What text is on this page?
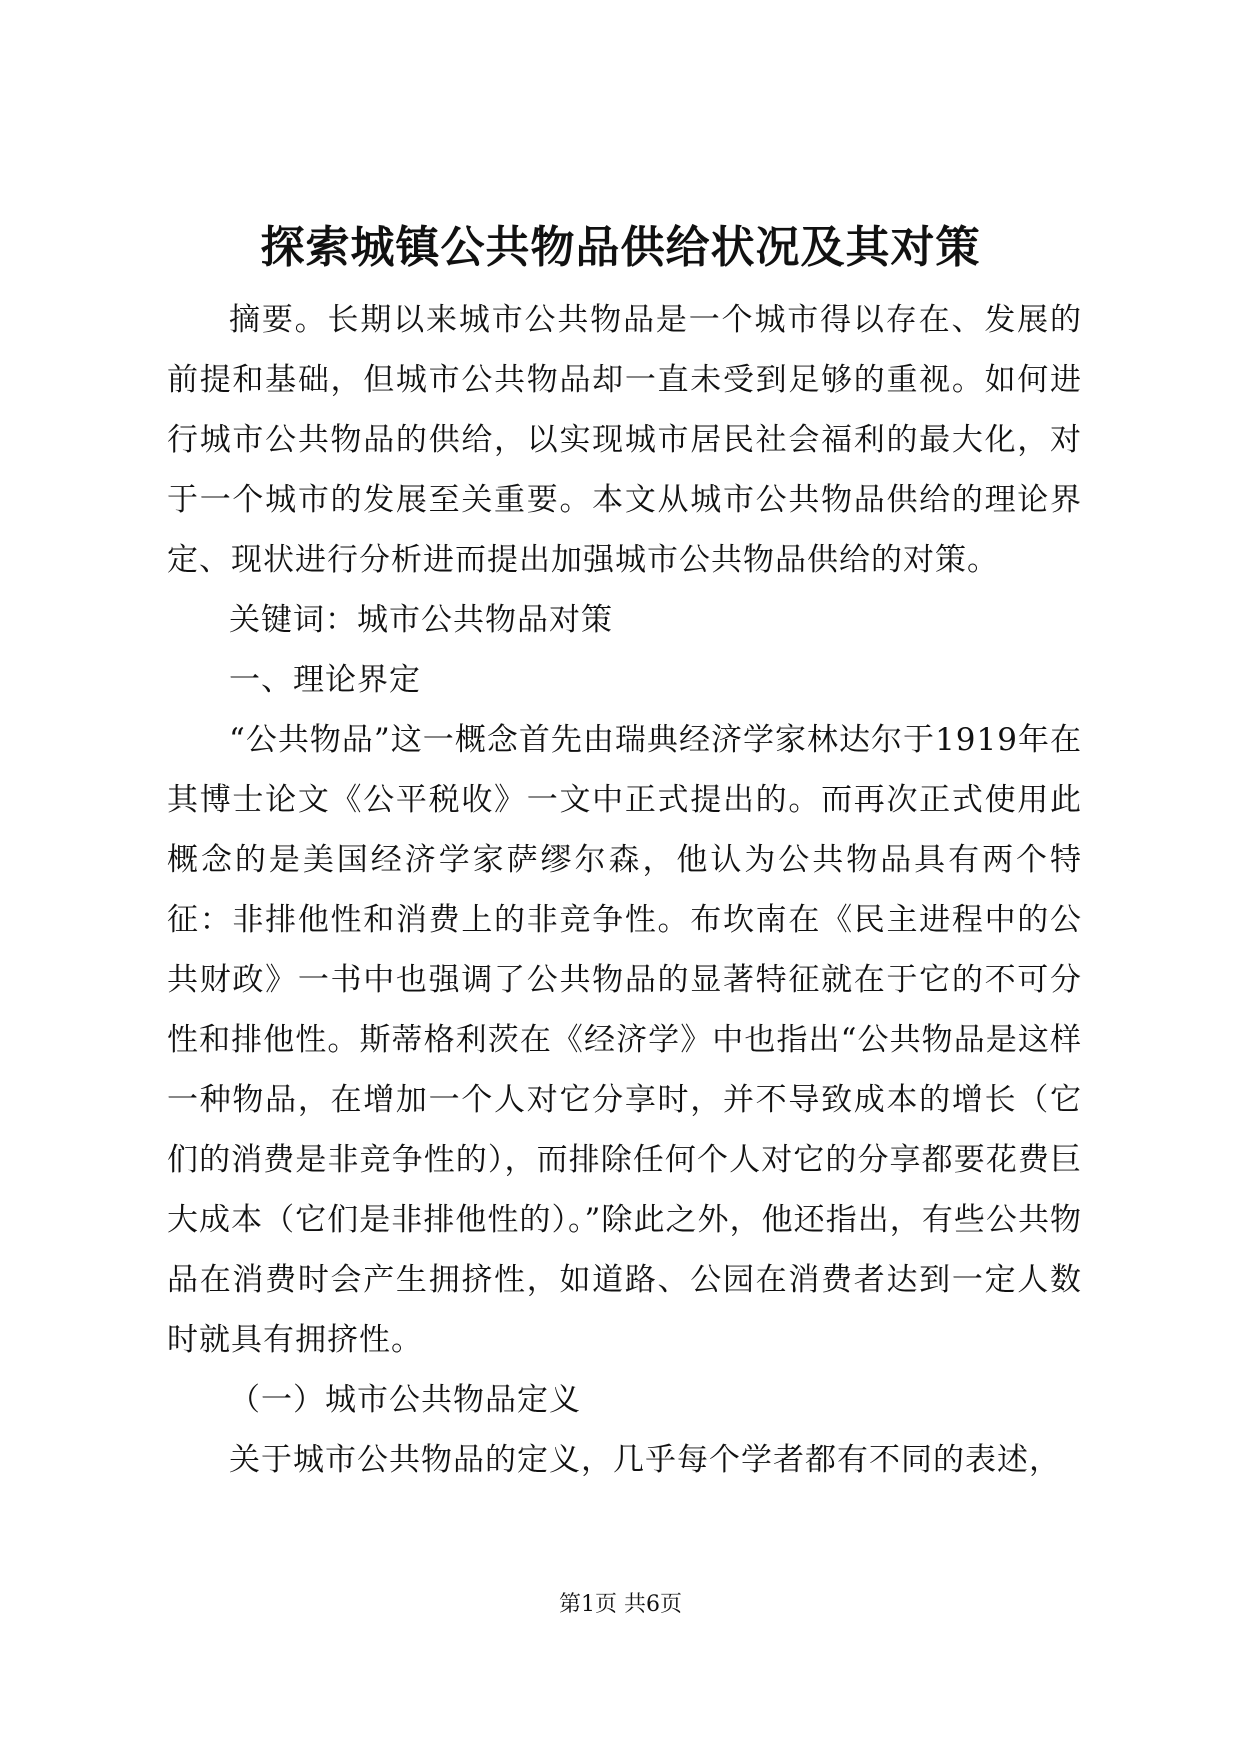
探索城镇公共物品供给状况及其对策

摘要。长期以来城市公共物品是一个城市得以存在、发展的前提和基础，但城市公共物品却一直未受到足够的重视。如何进行城市公共物品的供给，以实现城市居民社会福利的最大化，对于一个城市的发展至关重要。本文从城市公共物品供给的理论界定、现状进行分析进而提出加强城市公共物品供给的对策。

关键词：城市公共物品对策

一、理论界定

“公共物品”这一概念首先由瑞典经济学家林达尔于1919年在其博士论文《公平税收》一文中正式提出的。而再次正式使用此概念的是美国经济学家萨缪尔森，他认为公共物品具有两个特征：非排他性和消费上的非竞争性。布坎南在《民主进程中的公共财政》一书中也强调了公共物品的显著特征就在于它的不可分性和排他性。斯蒂格利茨在《经济学》中也指出“公共物品是这样一种物品，在增加一个人对它分享时，并不导致成本的增长（它们的消费是非竞争性的），而排除任何个人对它的分享都要花费巨大成本（它们是非排他性的）。”除此之外，他还指出，有些公共物品在消费时会产生拥挤性，如道路、公园在消费者达到一定人数时就具有拥挤性。

（一）城市公共物品定义

关于城市公共物品的定义，几乎每个学者都有不同的表述，

第1页 共6页
